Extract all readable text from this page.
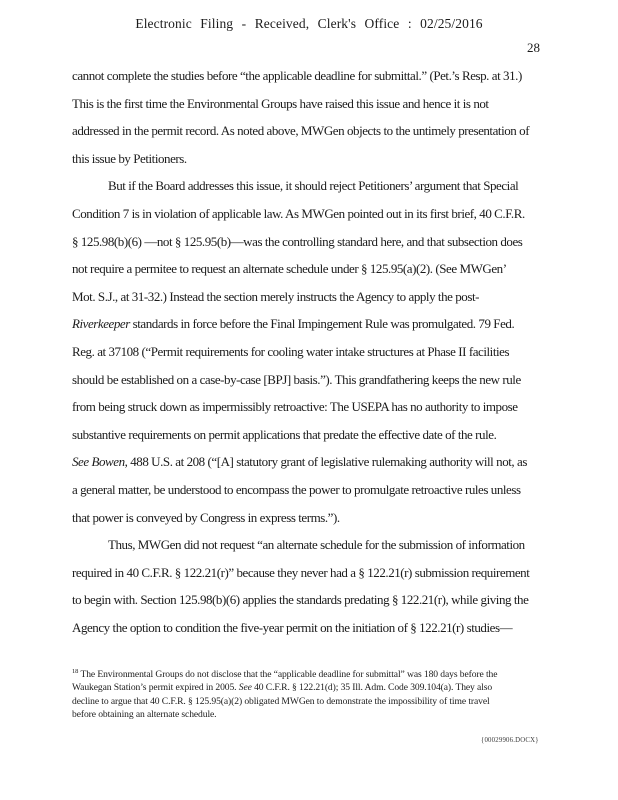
Electronic Filing - Received, Clerk's Office : 02/25/2016
28
cannot complete the studies before “the applicable deadline for submittal.” (Pet.’s Resp. at 31.)
This is the first time the Environmental Groups have raised this issue and hence it is not
addressed in the permit record. As noted above, MWGen objects to the untimely presentation of
this issue by Petitioners.
But if the Board addresses this issue, it should reject Petitioners’ argument that Special
Condition 7 is in violation of applicable law. As MWGen pointed out in its first brief, 40 C.F.R.
§ 125.98(b)(6) —not § 125.95(b)—was the controlling standard here, and that subsection does
not require a permitee to request an alternate schedule under § 125.95(a)(2). (See MWGen’
Mot. S.J., at 31-32.) Instead the section merely instructs the Agency to apply the post-
Riverkeeper standards in force before the Final Impingement Rule was promulgated. 79 Fed.
Reg. at 37108 (“Permit requirements for cooling water intake structures at Phase II facilities
should be established on a case-by-case [BPJ] basis.”). This grandfathering keeps the new rule
from being struck down as impermissibly retroactive: The USEPA has no authority to impose
substantive requirements on permit applications that predate the effective date of the rule.
See Bowen, 488 U.S. at 208 (“[A] statutory grant of legislative rulemaking authority will not, as
a general matter, be understood to encompass the power to promulgate retroactive rules unless
that power is conveyed by Congress in express terms.”).
Thus, MWGen did not request “an alternate schedule for the submission of information
required in 40 C.F.R. § 122.21(r)” because they never had a § 122.21(r) submission requirement
to begin with. Section 125.98(b)(6) applies the standards predating § 122.21(r), while giving the
Agency the option to condition the five-year permit on the initiation of § 122.21(r) studies—
$^{18}$ The Environmental Groups do not disclose that the “applicable deadline for submittal” was 180 days before the
Waukegan Station’s permit expired in 2005. See 40 C.F.R. § 122.21(d); 35 Ill. Adm. Code 309.104(a). They also
decline to argue that 40 C.F.R. § 125.95(a)(2) obligated MWGen to demonstrate the impossibility of time travel
before obtaining an alternate schedule.
{00029906.DOCX}
